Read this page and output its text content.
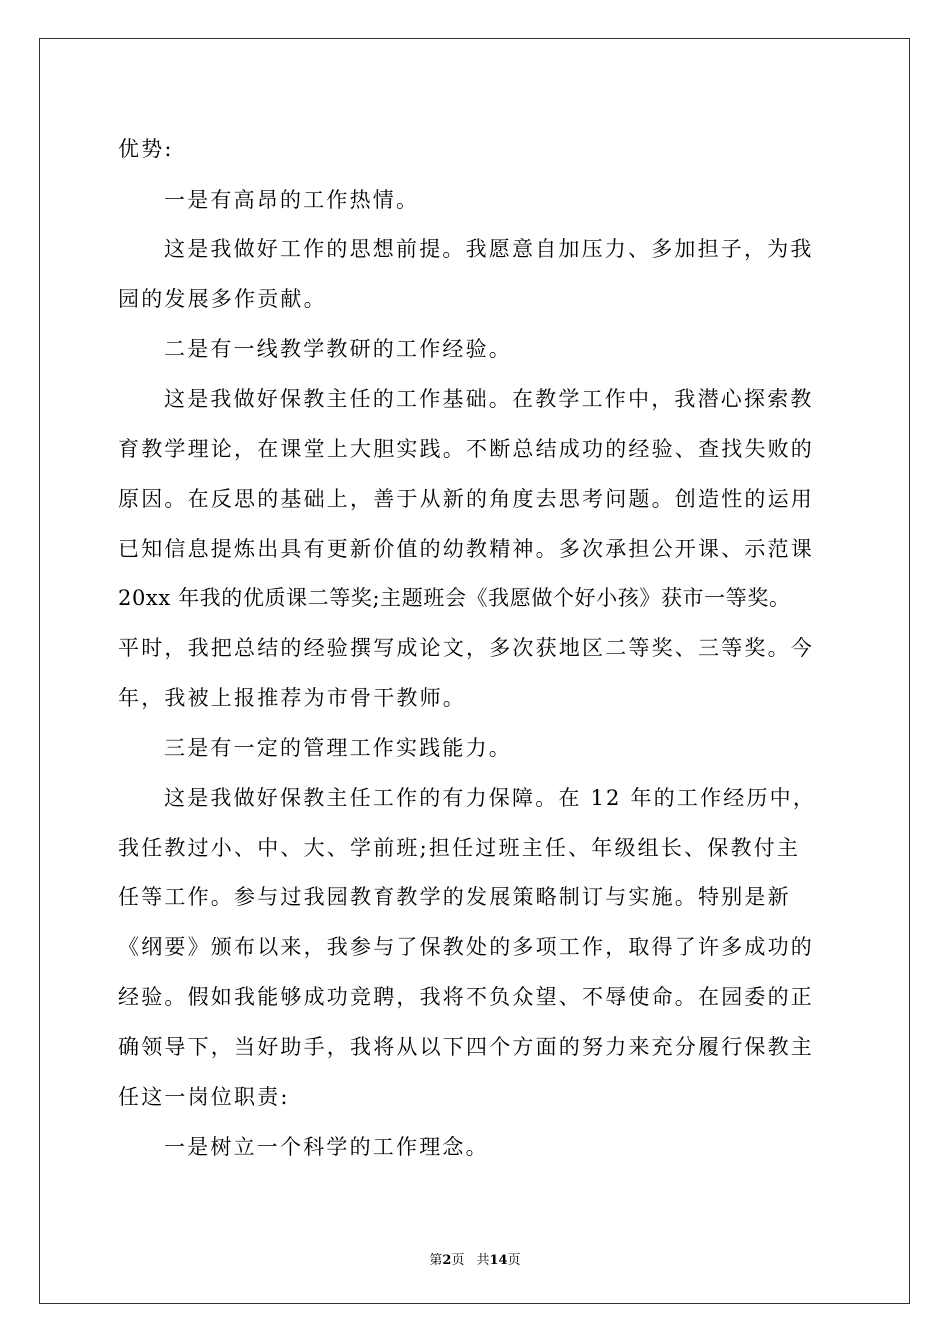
优势:
一是有高昂的工作热情。
这是我做好工作的思想前提。我愿意自加压力、多加担子，为我
园的发展多作贡献。
二是有一线教学教研的工作经验。
这是我做好保教主任的工作基础。在教学工作中，我潜心探索教
育教学理论，在课堂上大胆实践。不断总结成功的经验、查找失败的
原因。在反思的基础上，善于从新的角度去思考问题。创造性的运用
已知信息提炼出具有更新价值的幼教精神。多次承担公开课、示范课
20xx 年我的优质课二等奖;主题班会《我愿做个好小孩》获市一等奖。
平时，我把总结的经验撰写成论文，多次获地区二等奖、三等奖。今
年，我被上报推荐为市骨干教师。
三是有一定的管理工作实践能力。
这是我做好保教主任工作的有力保障。在 12 年的工作经历中，
我任教过小、中、大、学前班;担任过班主任、年级组长、保教付主
任等工作。参与过我园教育教学的发展策略制订与实施。特别是新
《纲要》颁布以来，我参与了保教处的多项工作，取得了许多成功的
经验。假如我能够成功竞聘，我将不负众望、不辱使命。在园委的正
确领导下，当好助手，我将从以下四个方面的努力来充分履行保教主
任这一岗位职责:
一是树立一个科学的工作理念。
第2页 共14页
